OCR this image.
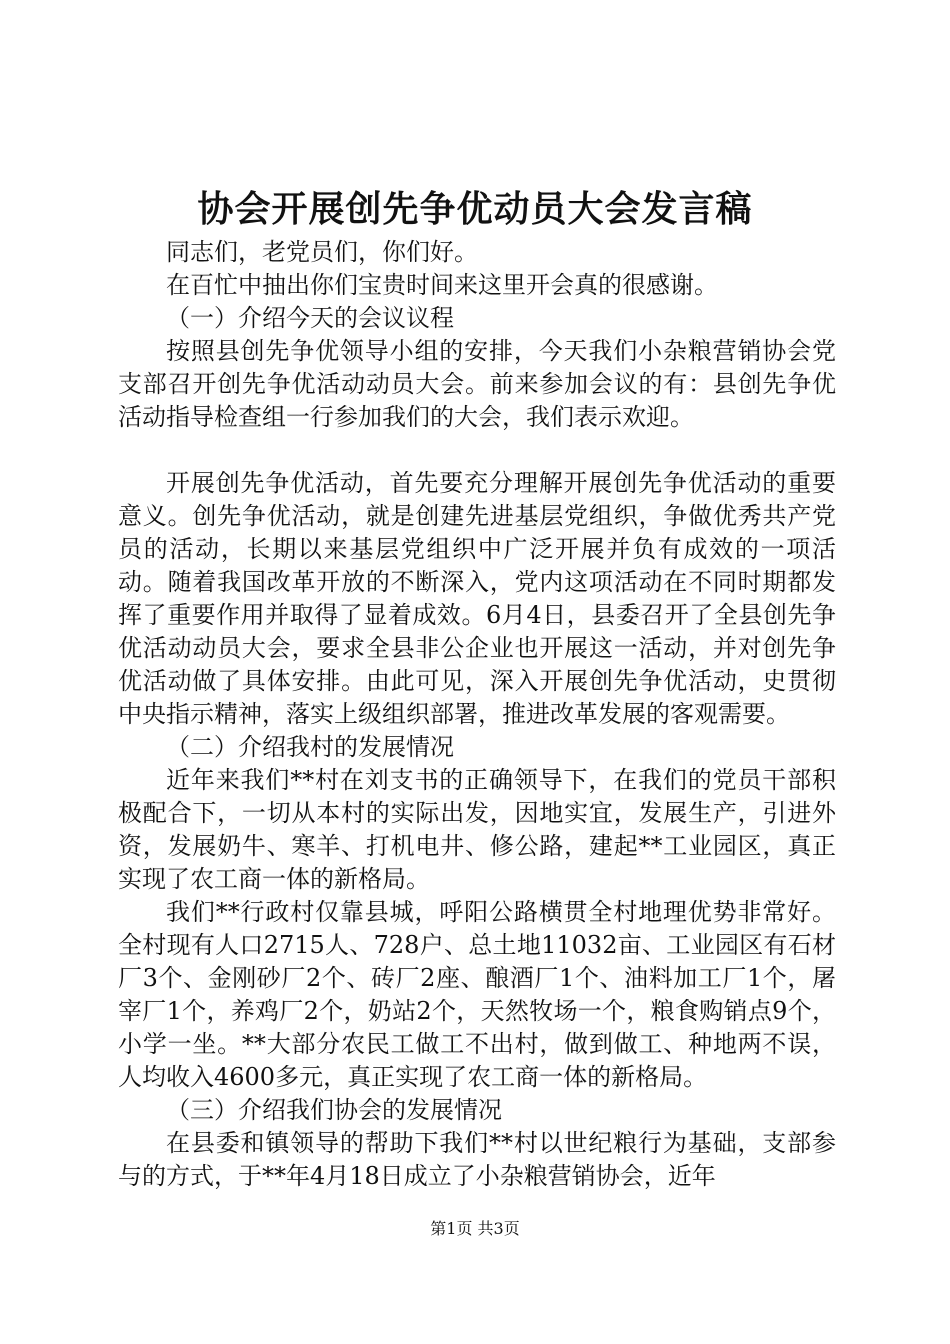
协会开展创先争优动员大会发言稿

同志们，老党员们，你们好。

在百忙中抽出你们宝贵时间来这里开会真的很感谢。

（一）介绍今天的会议议程

按照县创先争优领导小组的安排，今天我们小杂粮营销协会党支部召开创先争优活动动员大会。前来参加会议的有：县创先争优活动指导检查组一行参加我们的大会，我们表示欢迎。

开展创先争优活动，首先要充分理解开展创先争优活动的重要意义。创先争优活动，就是创建先进基层党组织，争做优秀共产党员的活动，长期以来基层党组织中广泛开展并负有成效的一项活动。随着我国改革开放的不断深入，党内这项活动在不同时期都发挥了重要作用并取得了显着成效。6月4日，县委召开了全县创先争优活动动员大会，要求全县非公企业也开展这一活动，并对创先争优活动做了具体安排。由此可见，深入开展创先争优活动，史贯彻中央指示精神，落实上级组织部署，推进改革发展的客观需要。

（二）介绍我村的发展情况

近年来我们**村在刘支书的正确领导下，在我们的党员干部积极配合下，一切从本村的实际出发，因地实宜，发展生产，引进外资，发展奶牛、寒羊、打机电井、修公路，建起**工业园区，真正实现了农工商一体的新格局。

我们**行政村仅靠县城，呼阳公路横贯全村地理优势非常好。全村现有人口2715人、728户、总土地11032亩、工业园区有石材厂3个、金刚砂厂2个、砖厂2座、酿酒厂1个、油料加工厂1个，屠宰厂1个，养鸡厂2个，奶站2个，天然牧场一个，粮食购销点9个，小学一坐。**大部分农民工做工不出村，做到做工、种地两不误，人均收入4600多元，真正实现了农工商一体的新格局。

（三）介绍我们协会的发展情况

在县委和镇领导的帮助下我们**村以世纪粮行为基础，支部参与的方式，于**年4月18日成立了小杂粮营销协会，近年

第1页 共3页
